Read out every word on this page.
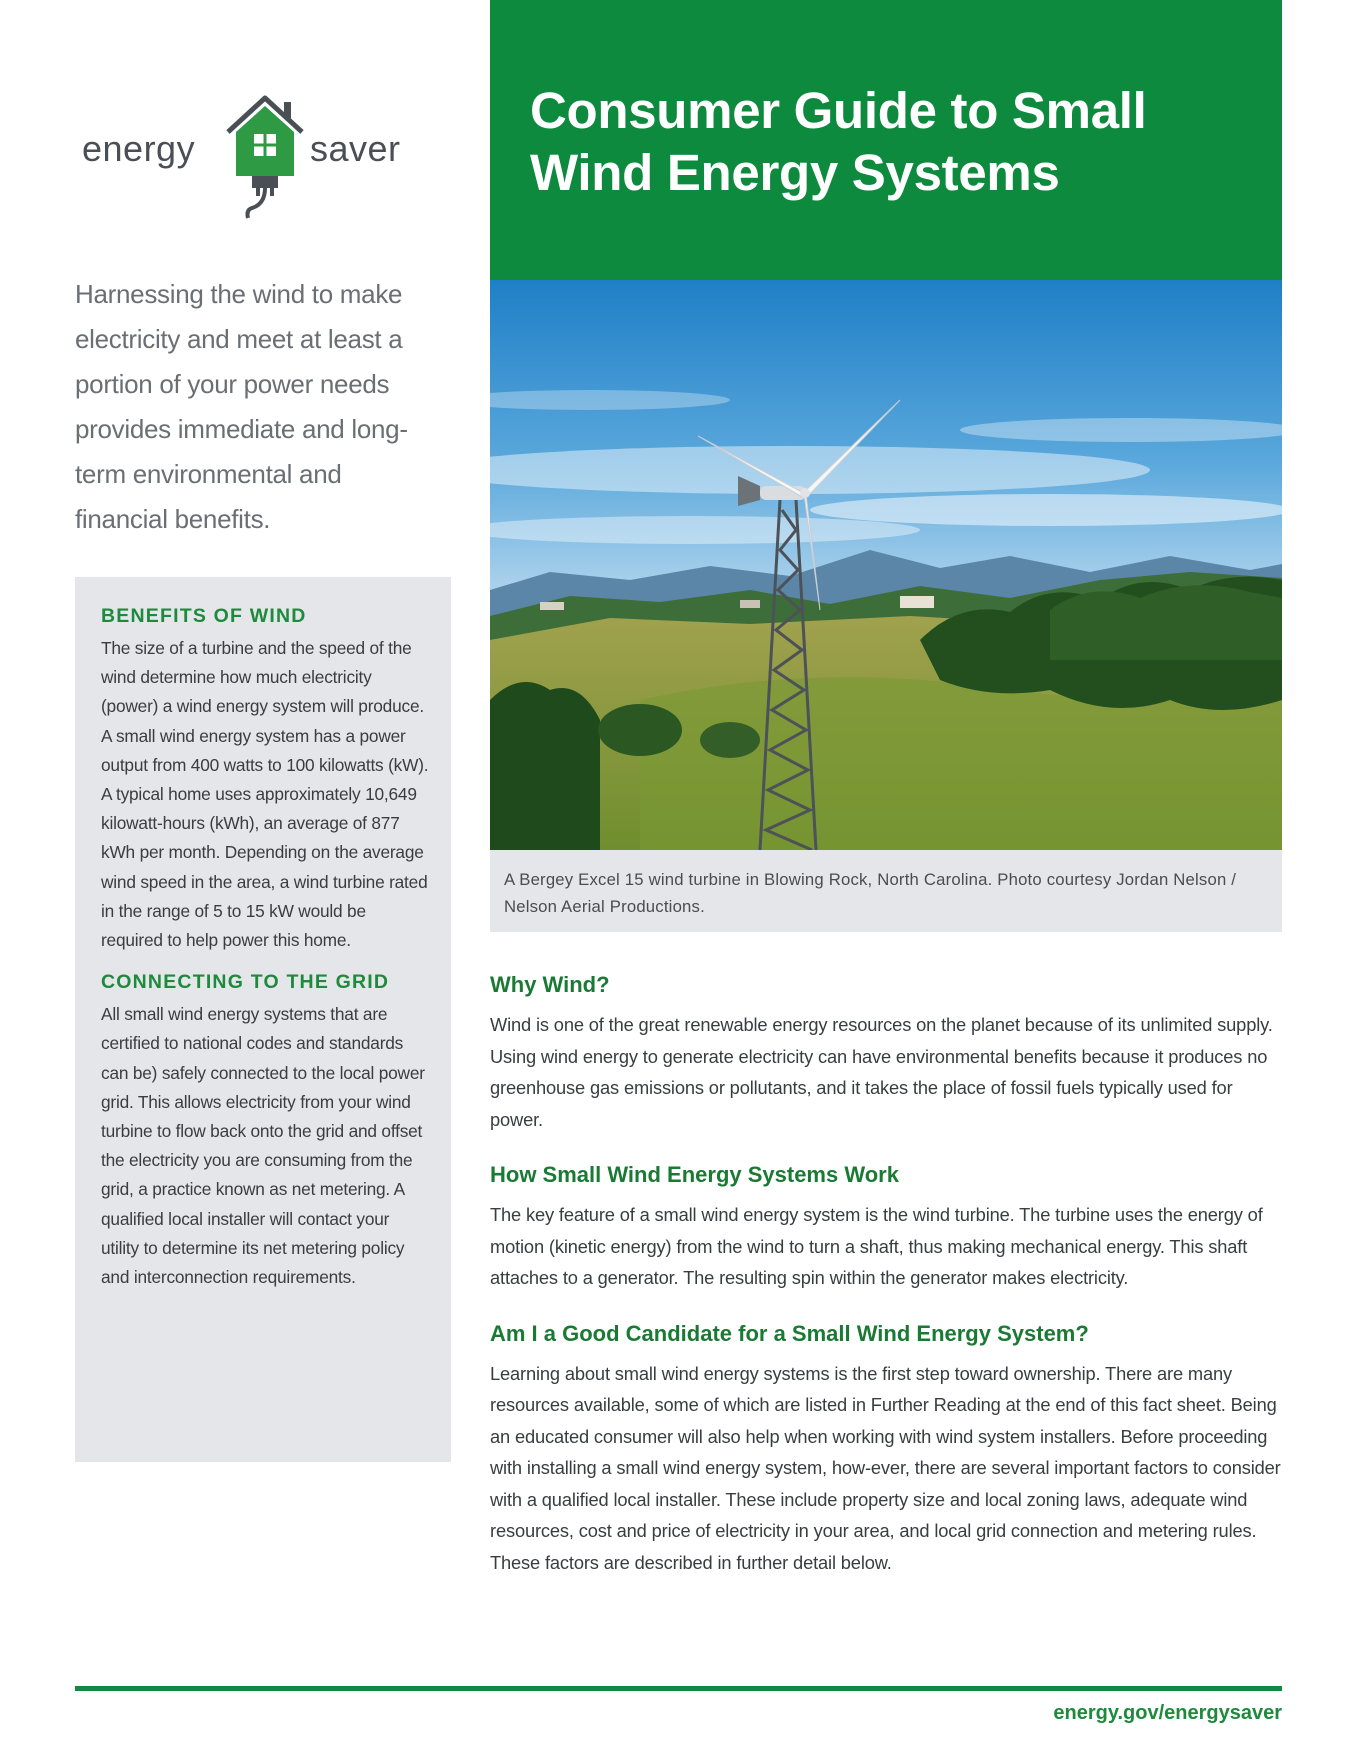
energy	saver
Harnessing the wind to make electricity and meet at least a portion of your power needs provides immediate and long-term environmental and financial benefits.
BENEFITS OF WIND

The size of a turbine and the speed of the wind determine how much electricity (power) a wind energy system will produce. A small wind energy system has a power output from 400 watts to 100 kilowatts (kW). A typical home uses approximately 10,649 kilowatt-hours (kWh), an average of 877 kWh per month. Depending on the average wind speed in the area, a wind turbine rated in the range of 5 to 15 kW would be required to help power this home.

CONNECTING TO THE GRID

All small wind energy systems that are certified to national codes and standards can be) safely connected to the local power grid. This allows electricity from your wind turbine to flow back onto the grid and offset the electricity you are consuming from the grid, a practice known as net metering. A qualified local installer will contact your utility to determine its net metering policy and interconnection requirements.

Consumer Guide to Small Wind Energy Systems

A Bergey Excel 15 wind turbine in Blowing Rock, North Carolina. Photo courtesy Jordan Nelson / Nelson Aerial Productions.

Why Wind?

Wind is one of the great renewable energy resources on the planet because of its unlimited supply. Using wind energy to generate electricity can have environmental benefits because it produces no greenhouse gas emissions or pollutants, and it takes the place of fossil fuels typically used for power.

How Small Wind Energy Systems Work

The key feature of a small wind energy system is the wind turbine. The turbine uses the energy of motion (kinetic energy) from the wind to turn a shaft, thus making mechanical energy. This shaft attaches to a generator. The resulting spin within the generator makes electricity.

Am I a Good Candidate for a Small Wind Energy System?

Learning about small wind energy systems is the first step toward ownership. There are many resources available, some of which are listed in Further Reading at the end of this fact sheet. Being an educated consumer will also help when working with wind system installers. Before proceeding with installing a small wind energy system, how-ever, there are several important factors to consider with a qualified local installer. These include property size and local zoning laws, adequate wind resources, cost and price of electricity in your area, and local grid connection and metering rules. These factors are described in further detail below.

energy.gov/energysaver
